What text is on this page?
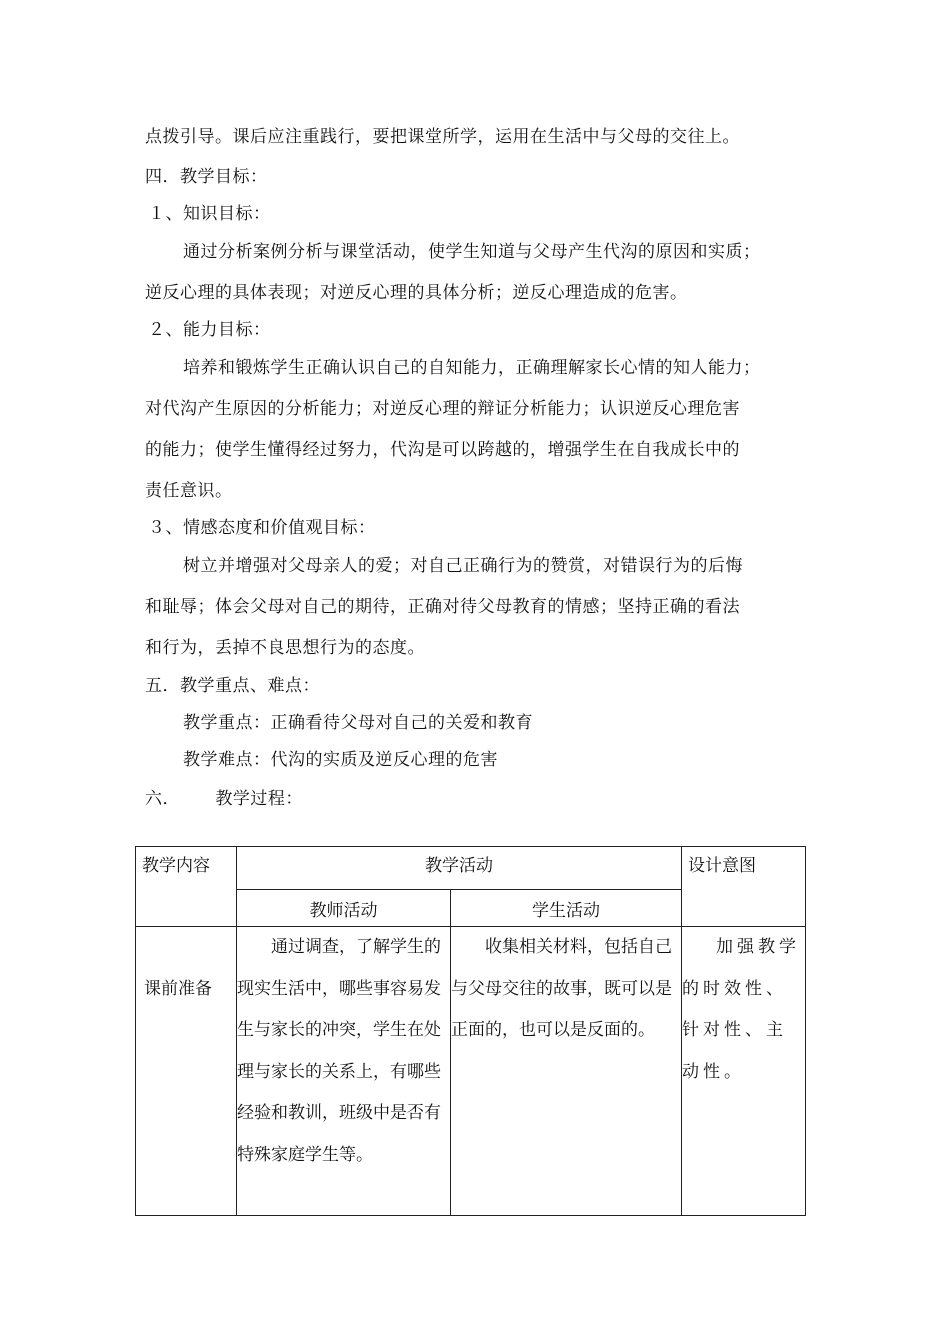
点拨引导。课后应注重践行，要把课堂所学，运用在生活中与父母的交往上。
四．教学目标：
１、知识目标：
通过分析案例分析与课堂活动，使学生知道与父母产生代沟的原因和实质；
逆反心理的具体表现；对逆反心理的具体分析；逆反心理造成的危害。
２、能力目标：
培养和锻炼学生正确认识自己的自知能力，正确理解家长心情的知人能力；
对代沟产生原因的分析能力；对逆反心理的辩证分析能力；认识逆反心理危害
的能力；使学生懂得经过努力，代沟是可以跨越的，增强学生在自我成长中的
责任意识。
３、情感态度和价值观目标：
树立并增强对父母亲人的爱；对自己正确行为的赞赏，对错误行为的后悔
和耻辱；体会父母对自己的期待，正确对待父母教育的情感；坚持正确的看法
和行为，丢掉不良思想行为的态度。
五．教学重点、难点：
教学重点：正确看待父母对自己的关爱和教育
教学难点：代沟的实质及逆反心理的危害
六．      教学过程：
教学内容	教学活动		设计意图
	教师活动	学生活动	

课前准备	通过调查，了解学生的现实生活中，哪些事容易发生与家长的冲突，学生在处理与家长的关系上，有哪些经验和教训，班级中是否有特殊家庭学生等。	收集相关材料，包括自己与父母交往的故事，既可以是正面的，也可以是反面的。	加强教学的时效性、针对性、主动性。
